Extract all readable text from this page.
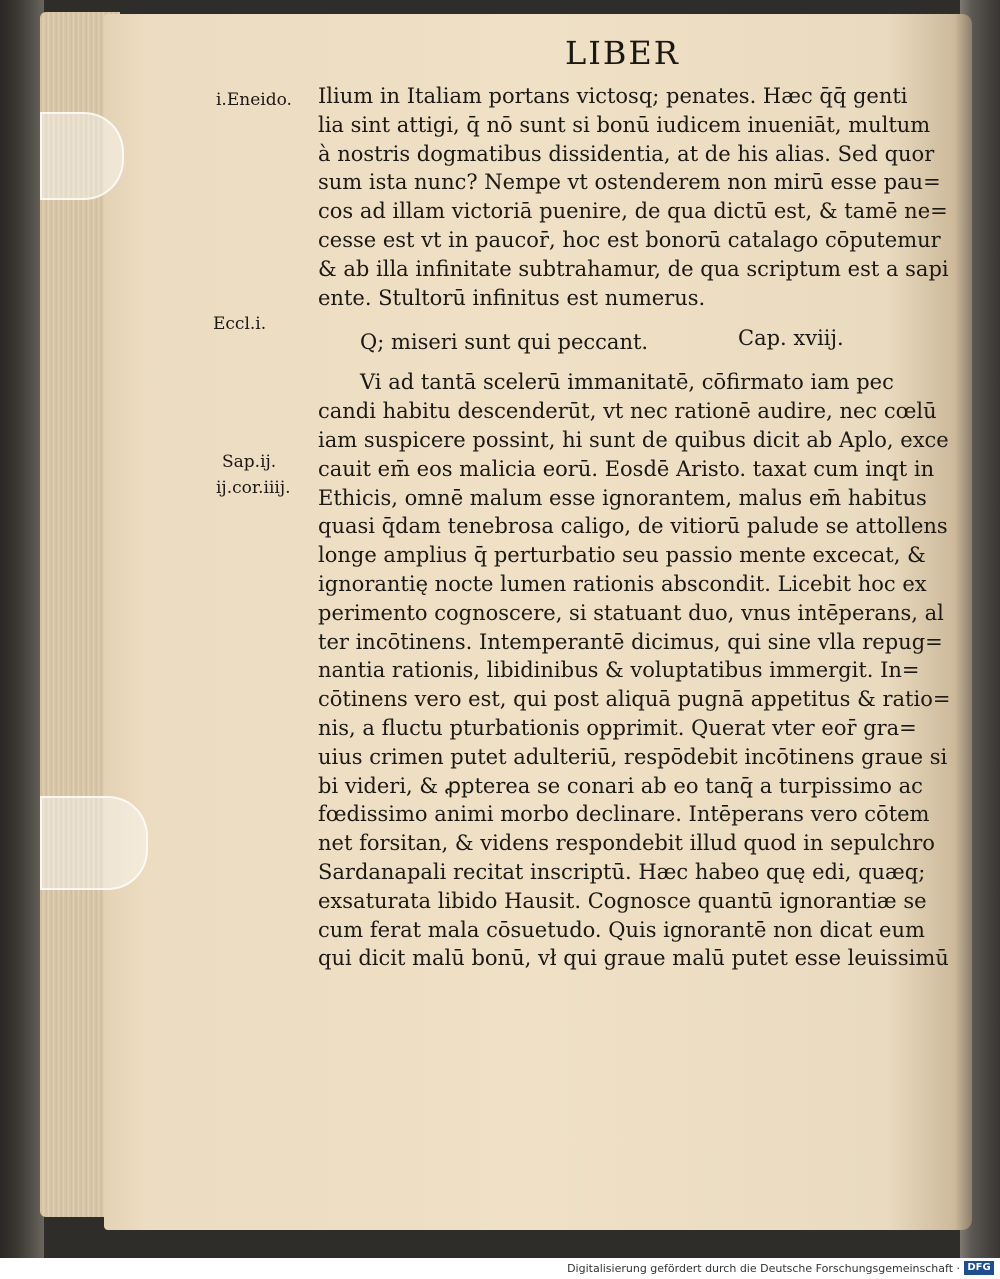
LIBER
i.Eneido.
Eccl.i.
Sap.ij.
ij.cor.iiij.
Ilium in Italiam portans victosq; penates. Hæc q̄q̄ genti
lia sint attigi, q̄ nō sunt si bonū iudicem inueniāt, multum
à nostris dogmatibus dissidentia, at de his alias. Sed quor
sum ista nunc? Nempe vt ostenderem non mirū esse pau=
cos ad illam victoriā puenire, de qua dictū est, & tamē ne=
cesse est vt in paucor̄, hoc est bonorū catalago cōputemur
& ab illa infinitate subtrahamur, de qua scriptum est a sapi
ente. Stultorū infinitus est numerus.
Q; miseri sunt qui peccant.	Cap. xviij.
Vi ad tantā scelerū immanitatē, cōfirmato iam pec
candi habitu descenderūt, vt nec rationē audire, nec cœlū
iam suspicere possint, hi sunt de quibus dicit ab Aplo, exce
cauit em̄ eos malicia eorū. Eosdē Aristo. taxat cum inqt in
Ethicis, omnē malum esse ignorantem, malus em̄ habitus
quasi q̄dam tenebrosa caligo, de vitiorū palude se attollens
longe amplius q̄ perturbatio seu passio mente excecat, &
ignorantię nocte lumen rationis abscondit. Licebit hoc ex
perimento cognoscere, si statuant duo, vnus intēperans, al
ter incōtinens. Intemperantē dicimus, qui sine vlla repug=
nantia rationis, libidinibus & voluptatibus immergit. In=
cōtinens vero est, qui post aliquā pugnā appetitus & ratio=
nis, a fluctu pturbationis opprimit. Querat vter eor̄ gra=
uius crimen putet adulteriū, respōdebit incōtinens graue si
bi videri, & ꝓpterea se conari ab eo tanq̄ a turpissimo ac
fœdissimo animi morbo declinare. Intēperans vero cōtem
net forsitan, & videns respondebit illud quod in sepulchro
Sardanapali recitat inscriptū. Hæc habeo quę edi, quæq;
exsaturata libido Hausit. Cognosce quantū ignorantiæ se
cum ferat mala cōsuetudo. Quis ignorantē non dicat eum
qui dicit malū bonū, vł qui graue malū putet esse leuissimū
Digitalisierung gefördert durch die Deutsche Forschungsgemeinschaft · DFG
